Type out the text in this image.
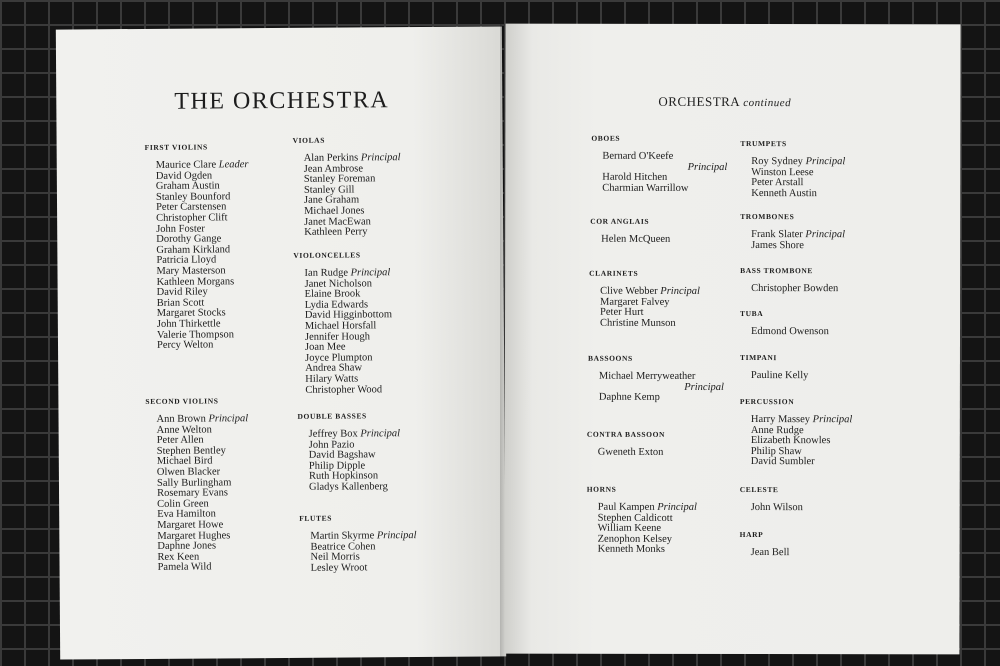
THE ORCHESTRA
FIRST VIOLINS
Maurice Clare Leader
David Ogden
Graham Austin
Stanley Bounford
Peter Carstensen
Christopher Clift
John Foster
Dorothy Gange
Graham Kirkland
Patricia Lloyd
Mary Masterson
Kathleen Morgans
David Riley
Brian Scott
Margaret Stocks
John Thirkettle
Valerie Thompson
Percy Welton
SECOND VIOLINS
Ann Brown Principal
Anne Welton
Peter Allen
Stephen Bentley
Michael Bird
Olwen Blacker
Sally Burlingham
Rosemary Evans
Colin Green
Eva Hamilton
Margaret Howe
Margaret Hughes
Daphne Jones
Rex Keen
Pamela Wild
VIOLAS
Alan Perkins Principal
Jean Ambrose
Stanley Foreman
Stanley Gill
Jane Graham
Michael Jones
Janet MacEwan
Kathleen Perry
VIOLONCELLES
Ian Rudge Principal
Janet Nicholson
Elaine Brook
Lydia Edwards
David Higginbottom
Michael Horsfall
Jennifer Hough
Joan Mee
Joyce Plumpton
Andrea Shaw
Hilary Watts
Christopher Wood
DOUBLE BASSES
Jeffrey Box Principal
John Pazio
David Bagshaw
Philip Dipple
Ruth Hopkinson
Gladys Kallenberg
FLUTES
Martin Skyrme Principal
Beatrice Cohen
Neil Morris
Lesley Wroot
ORCHESTRA continued
OBOES
Bernard O'Keefe
Principal
Harold Hitchen
Charmian Warrillow
COR ANGLAIS
Helen McQueen
CLARINETS
Clive Webber Principal
Margaret Falvey
Peter Hurt
Christine Munson
BASSOONS
Michael Merryweather
Principal
Daphne Kemp
CONTRA BASSOON
Gweneth Exton
HORNS
Paul Kampen Principal
Stephen Caldicott
William Keene
Zenophon Kelsey
Kenneth Monks
TRUMPETS
Roy Sydney Principal
Winston Leese
Peter Arstall
Kenneth Austin
TROMBONES
Frank Slater Principal
James Shore
BASS TROMBONE
Christopher Bowden
TUBA
Edmond Owenson
TIMPANI
Pauline Kelly
PERCUSSION
Harry Massey Principal
Anne Rudge
Elizabeth Knowles
Philip Shaw
David Sumbler
CELESTE
John Wilson
HARP
Jean Bell
